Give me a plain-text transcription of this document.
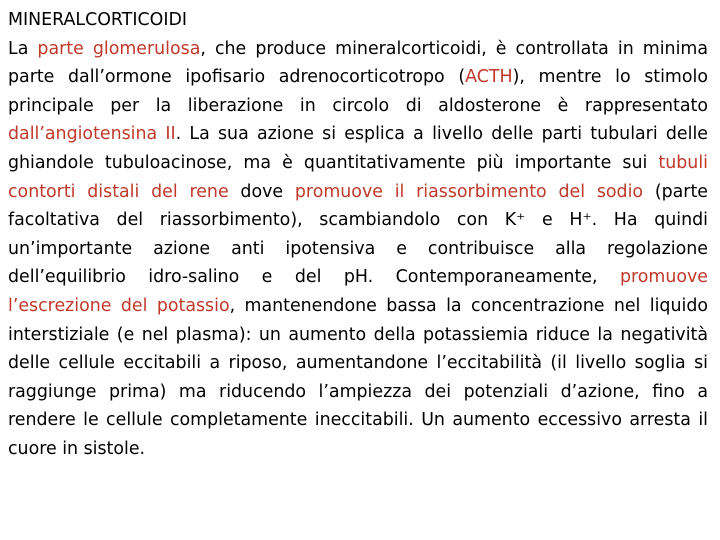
MINERALCORTICOIDI

La parte glomerulosa, che produce mineralcorticoidi, è controllata in minima parte dall’ormone ipofisario adrenocorticotropo (ACTH), mentre lo stimolo principale per la liberazione in circolo di aldosterone è rappresentato dall’angiotensina II. La sua azione si esplica a livello delle parti tubulari delle ghiandole tubuloacinose, ma è quantitativamente più importante sui tubuli contorti distali del rene dove promuove il riassorbimento del sodio (parte facoltativa del riassorbimento), scambiandolo con K⁺ e H⁺. Ha quindi un’importante azione anti ipotensiva e contribuisce alla regolazione dell’equilibrio idro-salino e del pH. Contemporaneamente, promuove l’escrezione del potassio, mantenendone bassa la concentrazione nel liquido interstiziale (e nel plasma): un aumento della potassiemia riduce la negatività delle cellule eccitabili a riposo, aumentandone l’eccitabilità (il livello soglia si raggiunge prima) ma riducendo l’ampiezza dei potenziali d’azione, fino a rendere le cellule completamente ineccitabili. Un aumento eccessivo arresta il cuore in sistole.
